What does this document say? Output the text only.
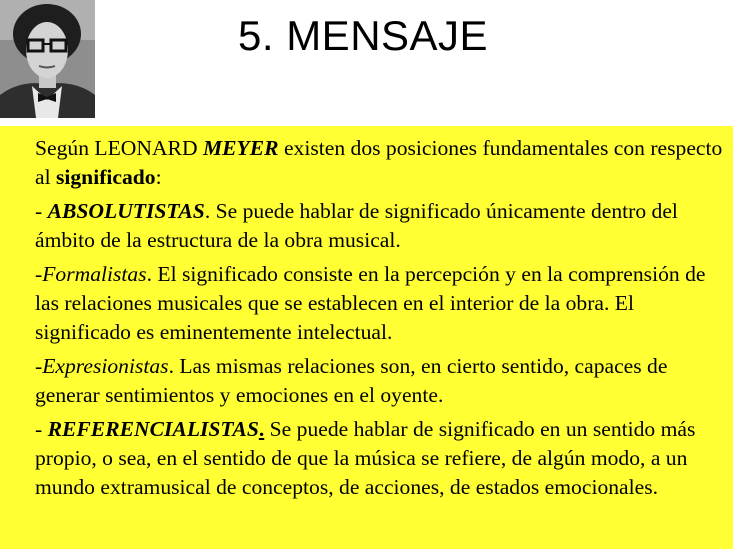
5. MENSAJE

Según LEONARD MEYER existen dos posiciones fundamentales con respecto al significado:

- ABSOLUTISTAS. Se puede hablar de significado únicamente dentro del ámbito de la estructura de la obra musical.

-Formalistas. El significado consiste en la percepción y en la comprensión de las relaciones musicales que se establecen en el interior de la obra. El significado es eminentemente intelectual.

-Expresionistas. Las mismas relaciones son, en cierto sentido, capaces de generar sentimientos y emociones en el oyente.

- REFERENCIALISTAS. Se puede hablar de significado en un sentido más propio, o sea, en el sentido de que la música se refiere, de algún modo, a un mundo extramusical de conceptos, de acciones, de estados emocionales.
